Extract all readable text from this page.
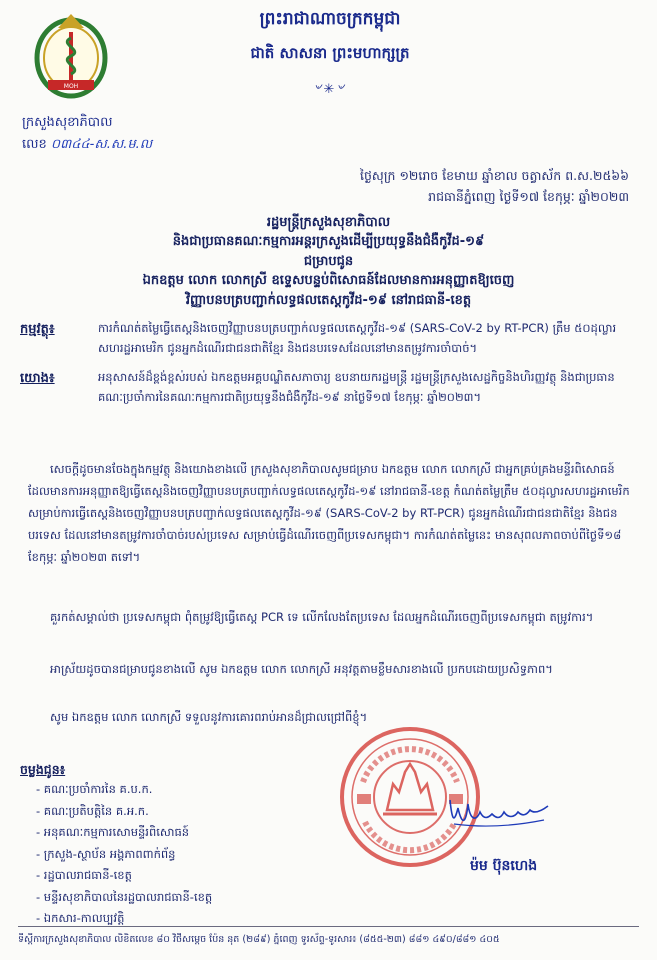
MOH
ព្រះរាជាណាចក្រកម្ពុជា
ជាតិ សាសនា ព្រះមហាក្សត្រ
৺✳৺
ក្រសួងសុខាភិបាល
លេខ ០៣៤៤-ស.ស.ម.ល
ថ្ងៃសុក្រ ១២រោច ខែមាឃ ឆ្នាំខាល ចត្វាស័ក ព.ស.២៥៦៦
រាជធានីភ្នំពេញ ថ្ងៃទី១៧ ខែកុម្ភៈ ឆ្នាំ២០២៣
រដ្ឋមន្ត្រីក្រសួងសុខាភិបាល
និងជាប្រធានគណៈកម្មការអន្តរក្រសួងដើម្បីប្រយុទ្ធនឹងជំងឺកូវីដ-១៩
ជម្រាបជូន
ឯកឧត្តម លោក លោកស្រី ឧទ្ទេសបន្ទប់ពិសោធន៍ដែលមានការអនុញ្ញាតឱ្យចេញ
វិញ្ញាបនបត្របញ្ជាក់លទ្ធផលតេស្តកូវីដ-១៩ នៅរាជធានី-ខេត្ត
កម្មវត្ថុ៖	ការកំណត់តម្លៃធ្វើតេស្តនិងចេញវិញ្ញាបនបត្របញ្ជាក់លទ្ធផលតេស្តកូវីដ-១៩ (SARS-CoV-2 by RT-PCR) ត្រឹម ៥០ដុល្លារសហរដ្ឋអាមេរិក ជូនអ្នកដំណើរជាជនជាតិខ្មែរ និងជនបរទេសដែលនៅមានតម្រូវការចាំបាច់។
យោង៖	អនុសាសន៍ដ៏ខ្ពង់ខ្ពស់របស់ ឯកឧត្តមអគ្គបណ្ឌិតសភាចារ្យ ឧបនាយករដ្ឋមន្ត្រី រដ្ឋមន្ត្រីក្រសួងសេដ្ឋកិច្ចនិងហិរញ្ញវត្ថុ និងជាប្រធានគណៈប្រចាំការនៃគណៈកម្មការជាតិប្រយុទ្ធនឹងជំងឺកូវីដ-១៩ នាថ្ងៃទី១៧ ខែកុម្ភៈ ឆ្នាំ២០២៣។
សេចក្តីដូចមានចែងក្នុងកម្មវត្ថុ និងយោងខាងលើ ក្រសួងសុខាភិបាលសូមជម្រាប ឯកឧត្តម លោក លោកស្រី ជាអ្នកគ្រប់គ្រងមន្ទីរពិសោធន៍ដែលមានការអនុញ្ញាតឱ្យធ្វើតេស្តនិងចេញវិញ្ញាបនបត្របញ្ជាក់លទ្ធផលតេស្តកូវីដ-១៩ នៅរាជធានី-ខេត្ត កំណត់តម្លៃត្រឹម ៥០ដុល្លារសហរដ្ឋអាមេរិក សម្រាប់ការធ្វើតេស្តនិងចេញវិញ្ញាបនបត្របញ្ជាក់លទ្ធផលតេស្តកូវីដ-១៩ (SARS-CoV-2 by RT-PCR) ជូនអ្នកដំណើរជាជនជាតិខ្មែរ និងជនបរទេស ដែលនៅមានតម្រូវការចាំបាច់របស់ប្រទេស សម្រាប់ធ្វើដំណើរចេញពីប្រទេសកម្ពុជា។ ការកំណត់តម្លៃនេះ មានសុពលភាពចាប់ពីថ្ងៃទី១៨ ខែកុម្ភៈ ឆ្នាំ២០២៣ តទៅ។
គួរកត់សម្គាល់ថា ប្រទេសកម្ពុជា ពុំតម្រូវឱ្យធ្វើតេស្ត PCR ទេ លើកលែងតែប្រទេស ដែលអ្នកដំណើរចេញពីប្រទេសកម្ពុជា តម្រូវការ។
អាស្រ័យដូចបានជម្រាបជូនខាងលើ សូម ឯកឧត្តម លោក លោកស្រី អនុវត្តតាមខ្លឹមសារខាងលើ ប្រកបដោយប្រសិទ្ធភាព។
សូម ឯកឧត្តម លោក លោកស្រី ទទួលនូវការគោរពរាប់អានដ៏ជ្រាលជ្រៅពីខ្ញុំ។
ចម្លងជូន៖
- គណៈប្រចាំការនៃ គ.ប.ក.
- គណៈប្រតិបត្តិនៃ គ.អ.ក.
- អនុគណៈកម្មការសោមន្ទីរពិសោធន៍
- ក្រសួង-ស្ថាប័ន អង្គភាពពាក់ព័ន្ធ
- រដ្ឋបាលរាជធានី-ខេត្ត
- មន្ទីរសុខាភិបាលនៃរដ្ឋបាលរាជធានី-ខេត្ត
- ឯកសារ-កាលប្បវត្តិ
ម៉ម ប៊ុនហេង
ទីស្តីការក្រសួងសុខាភិបាល លិខិតលេខ ៨០ វិថីសម្តេច ប៉ែន នុត (២៨៩) ភ្នំពេញ ទូរស័ព្ទ-ទូរសារ៖ (៨៥៥-២៣) ៨៨១ ៤៩០/៨៨១ ៤០៥
